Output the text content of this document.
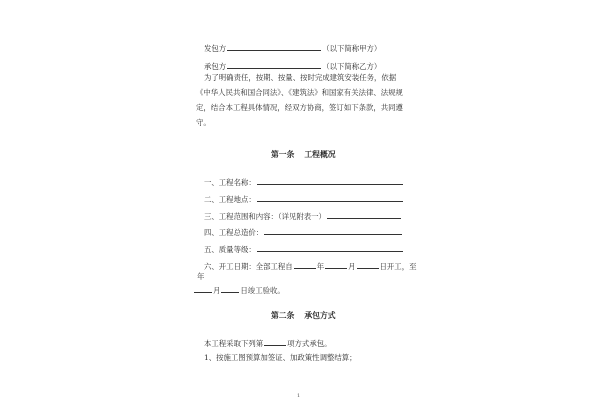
发包方	（以下简称甲方）
承包方	（以下简称乙方）
为了明确责任，按期、按量、按时完成建筑安装任务，依据
《中华人民共和国合同法》、《建筑法》和国家有关法律、法规规
定，结合本工程具体情况，经双方协商，签订如下条款，共同遵
守。
第一条 工程概况
一、工程名称：
二、工程地点：
三、工程范围和内容：（详见附表一）
四、工程总造价：
五、质量等级：
六、开工日期：全部工程自	年	月	日开工，至
年
月	日竣工验收。
第二条 承包方式
本工程采取下列第	项方式承包。
1、按施工图预算加签证、加政策性调整结算；
1
